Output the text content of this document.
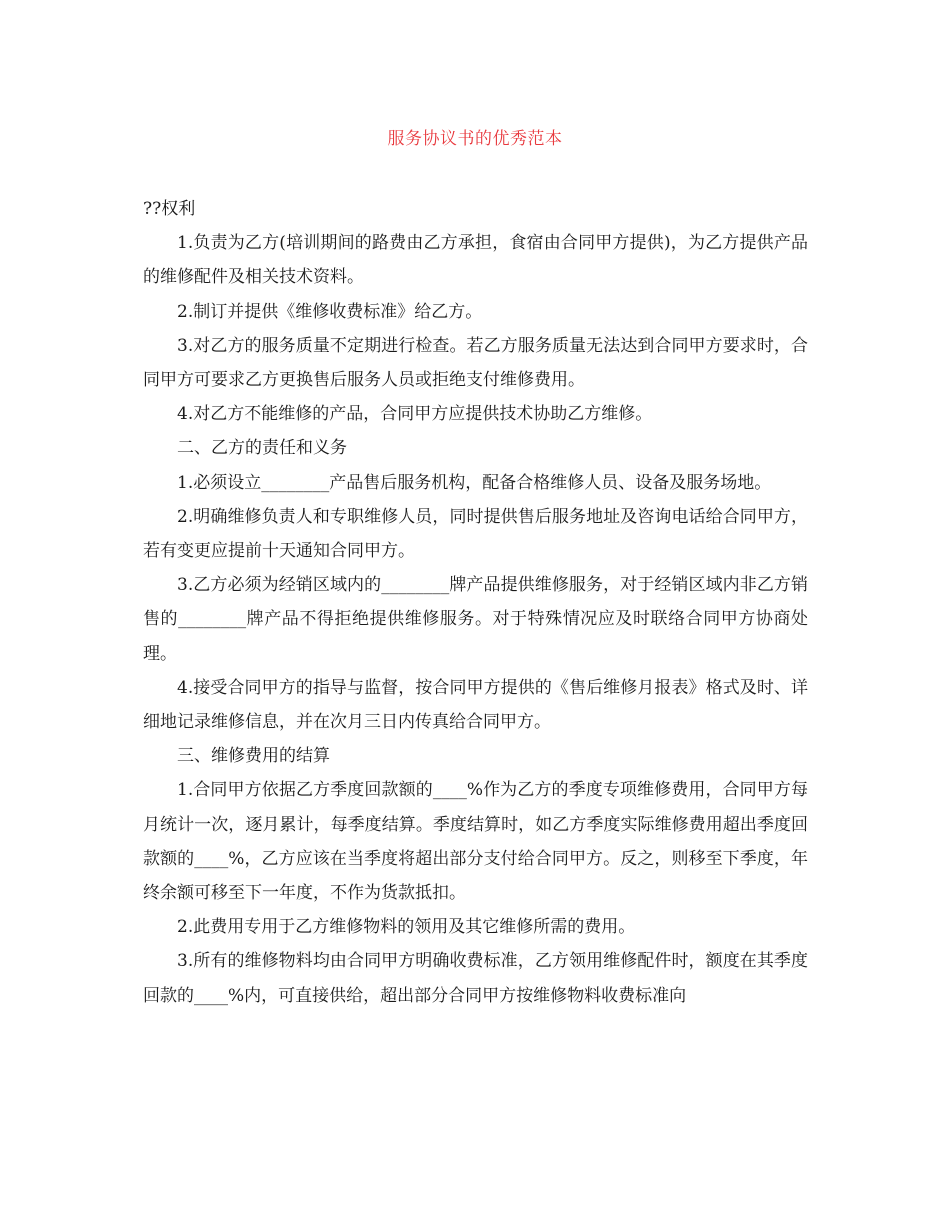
服务协议书的优秀范本

??权利

1.负责为乙方(培训期间的路费由乙方承担，食宿由合同甲方提供)，为乙方提供产品的维修配件及相关技术资料。

2.制订并提供《维修收费标准》给乙方。

3.对乙方的服务质量不定期进行检查。若乙方服务质量无法达到合同甲方要求时，合同甲方可要求乙方更换售后服务人员或拒绝支付维修费用。

4.对乙方不能维修的产品，合同甲方应提供技术协助乙方维修。

二、乙方的责任和义务

1.必须设立________产品售后服务机构，配备合格维修人员、设备及服务场地。

2.明确维修负责人和专职维修人员，同时提供售后服务地址及咨询电话给合同甲方，若有变更应提前十天通知合同甲方。

3.乙方必须为经销区域内的________牌产品提供维修服务，对于经销区域内非乙方销售的________牌产品不得拒绝提供维修服务。对于特殊情况应及时联络合同甲方协商处理。

4.接受合同甲方的指导与监督，按合同甲方提供的《售后维修月报表》格式及时、详细地记录维修信息，并在次月三日内传真给合同甲方。

三、维修费用的结算

1.合同甲方依据乙方季度回款额的____%作为乙方的季度专项维修费用，合同甲方每月统计一次，逐月累计，每季度结算。季度结算时，如乙方季度实际维修费用超出季度回款额的____%，乙方应该在当季度将超出部分支付给合同甲方。反之，则移至下季度，年终余额可移至下一年度，不作为货款抵扣。

2.此费用专用于乙方维修物料的领用及其它维修所需的费用。

3.所有的维修物料均由合同甲方明确收费标准，乙方领用维修配件时，额度在其季度回款的____%内，可直接供给，超出部分合同甲方按维修物料收费标准向
